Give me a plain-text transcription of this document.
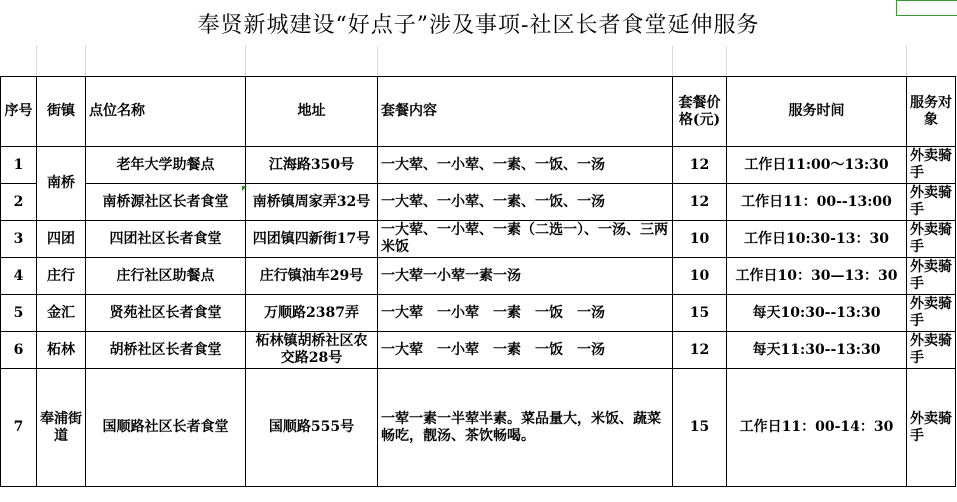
奉贤新城建设“好点子”涉及事项-社区长者食堂延伸服务
序号	街镇	点位名称	地址	套餐内容	套餐价格(元)	服务时间	服务对象
1	南桥	老年大学助餐点	江海路350号	一大荤、一小荤、一素、一饭、一汤	12	工作日11:00～13:30	外卖骑手
2		南桥源社区长者食堂	南桥镇周家弄32号	一大荤、一小荤、一素、一饭、一汤	12	工作日11：00--13:00	外卖骑手
3	四团	四团社区长者食堂	四团镇四新街17号	一大荤、一小荤、一素（二选一）、一汤、三两米饭	10	工作日10:30-13：30	外卖骑手
4	庄行	庄行社区助餐点	庄行镇油车29号	一大荤一小荤一素一汤	10	工作日10：30—13：30	外卖骑手
5	金汇	贤苑社区长者食堂	万顺路2387弄	一大荤　一小荤　一素　一饭　一汤	15	每天10:30--13:30	外卖骑手
6	柘林	胡桥社区长者食堂	柘林镇胡桥社区农交路28号	一大荤　一小荤　一素　一饭　一汤	12	每天11:30--13:30	外卖骑手
7	奉浦街道	国顺路社区长者食堂	国顺路555号	一荤一素一半荤半素。菜品量大，米饭、蔬菜畅吃，靓汤、茶饮畅喝。	15	工作日11：00-14：30	外卖骑手
